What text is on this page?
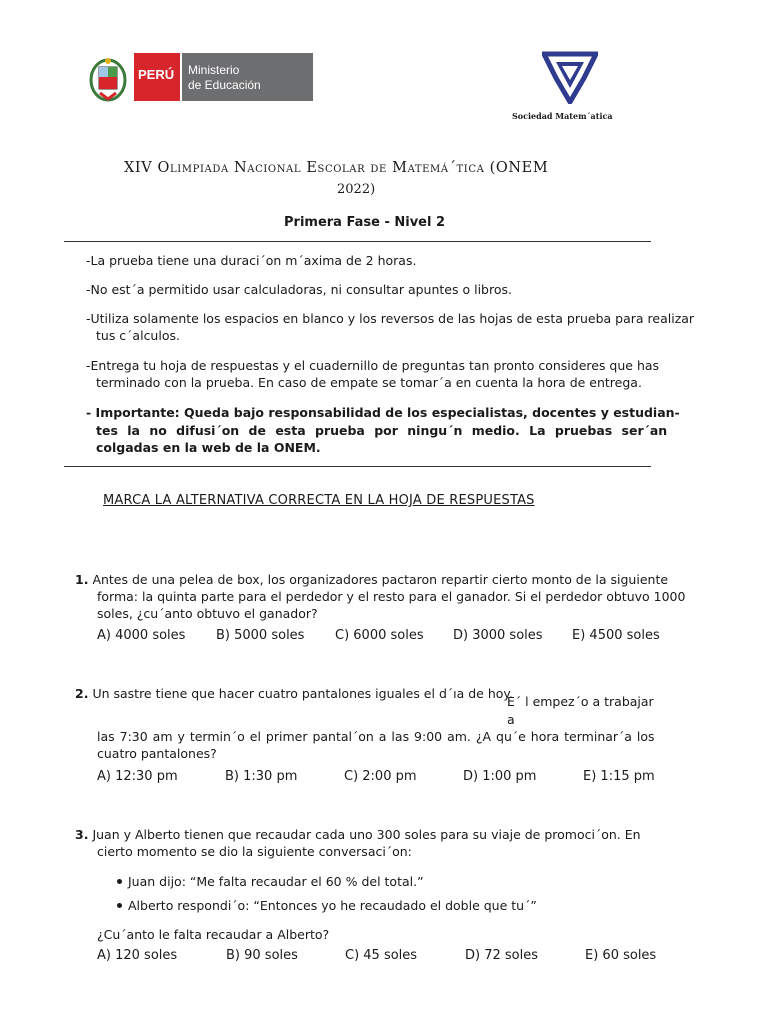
PERÚ Ministerio
de Educación
Sociedad Matem´atica
XIV Olimpiada Nacional Escolar de Matemá´tica (ONEM
2022)
Primera Fase - Nivel 2
-La prueba tiene una duraci´on m´axima de 2 horas.
-No est´a permitido usar calculadoras, ni consultar apuntes o libros.
-Utiliza solamente los espacios en blanco y los reversos de las hojas de esta prueba para realizar
tus c´alculos.
-Entrega tu hoja de respuestas y el cuadernillo de preguntas tan pronto consideres que has
terminado con la prueba. En caso de empate se tomar´a en cuenta la hora de entrega.
- Importante: Queda bajo responsabilidad de los especialistas, docentes y estudian-
tes la no difusi´on de esta prueba por ningu´n medio. La pruebas ser´an
colgadas en la web de la ONEM.
MARCA LA ALTERNATIVA CORRECTA EN LA HOJA DE RESPUESTAS
1. Antes de una pelea de box, los organizadores pactaron repartir cierto monto de la siguiente
forma: la quinta parte para el perdedor y el resto para el ganador. Si el perdedor obtuvo 1000
soles, ¿cu´anto obtuvo el ganador?
A) 4000 soles B) 5000 soles C) 6000 soles D) 3000 soles E) 4500 soles
2. Un sastre tiene que hacer cuatro pantalones iguales el d´ıa de hoy.
E´ l empez´o a trabajar
a
las 7:30 am y termin´o el primer pantal´on a las 9:00 am. ¿A qu´e hora terminar´a los
cuatro pantalones?
A) 12:30 pm	B) 1:30 pm	C) 2:00 pm	D) 1:00 pm	E) 1:15 pm
3. Juan y Alberto tienen que recaudar cada uno 300 soles para su viaje de promoci´on. En
cierto momento se dio la siguiente conversaci´on:
Juan dijo: “Me falta recaudar el 60 % del total.”
Alberto respondi´o: “Entonces yo he recaudado el doble que tu´”
¿Cu´anto le falta recaudar a Alberto?
A) 120 soles	B) 90 soles	C) 45 soles	D) 72 soles	E) 60 soles
